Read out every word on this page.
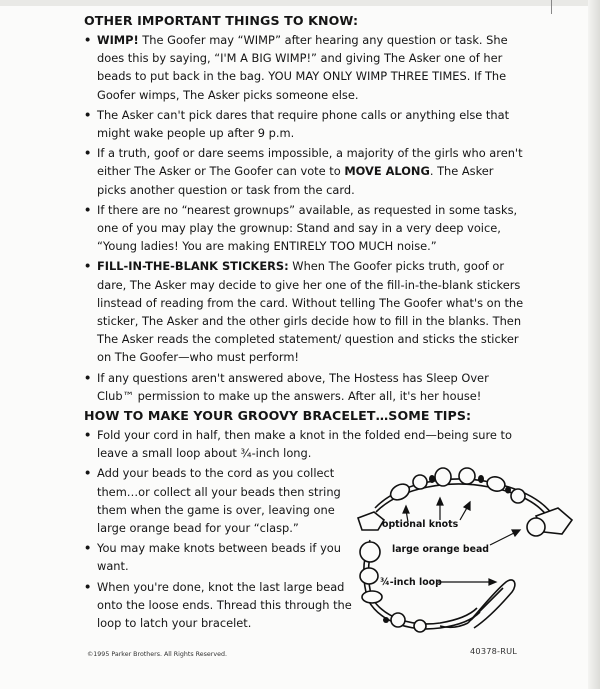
OTHER IMPORTANT THINGS TO KNOW:
• WIMP! The Goofer may “WIMP” after hearing any question or task. She does this by saying, “I'M A BIG WIMP!” and giving The Asker one of her beads to put back in the bag. YOU MAY ONLY WIMP THREE TIMES. If The Goofer wimps, The Asker picks someone else.
• The Asker can't pick dares that require phone calls or anything else that might wake people up after 9 p.m.
• If a truth, goof or dare seems impossible, a majority of the girls who aren't either The Asker or The Goofer can vote to MOVE ALONG. The Asker picks another question or task from the card.
• If there are no “nearest grownups” available, as requested in some tasks, one of you may play the grownup: Stand and say in a very deep voice, “Young ladies! You are making ENTIRELY TOO MUCH noise.”
• FILL-IN-THE-BLANK STICKERS: When The Goofer picks truth, goof or dare, The Asker may decide to give her one of the fill-in-the-blank stickers linstead of reading from the card. Without telling The Goofer what's on the sticker, The Asker and the other girls decide how to fill in the blanks. Then The Asker reads the completed statement/ question and sticks the sticker on The Goofer—who must perform!
• If any questions aren't answered above, The Hostess has Sleep Over Club™ permission to make up the answers. After all, it's her house!
HOW TO MAKE YOUR GROOVY BRACELET…SOME TIPS:
• Fold your cord in half, then make a knot in the folded end—being sure to leave a small loop about ¾-inch long.
• Add your beads to the cord as you collect them…or collect all your beads then string them when the game is over, leaving one large orange bead for your “clasp.”
• You may make knots between beads if you want.
• When you're done, knot the last large bead onto the loose ends. Thread this through the loop to latch your bracelet.
optional knots
large orange bead
¾-inch loop
©1995 Parker Brothers. All Rights Reserved.	40378-RUL
